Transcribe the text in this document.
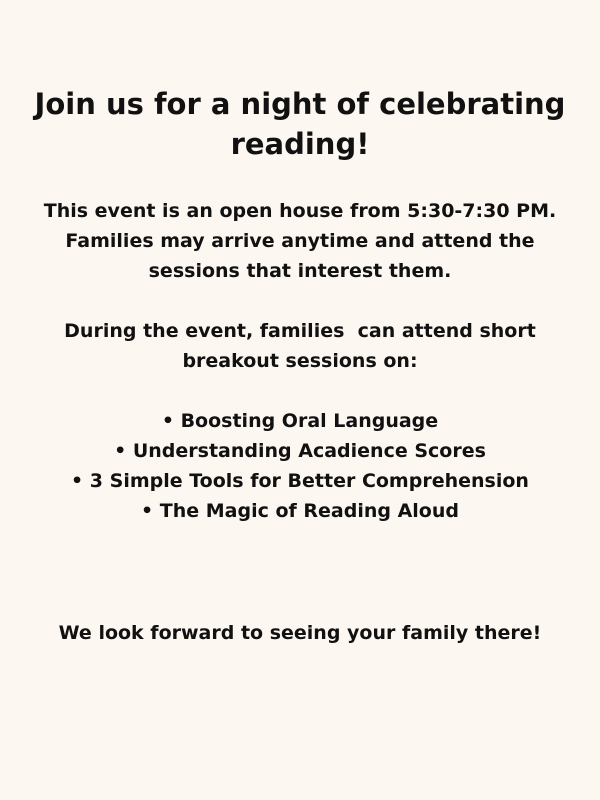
Join us for a night of celebrating
reading!

This event is an open house from 5:30-7:30 PM.
Families may arrive anytime and attend the
sessions that interest them.

During the event, families  can attend short
breakout sessions on:

• Boosting Oral Language
• Understanding Acadience Scores
• 3 Simple Tools for Better Comprehension
• The Magic of Reading Aloud

We look forward to seeing your family there!
